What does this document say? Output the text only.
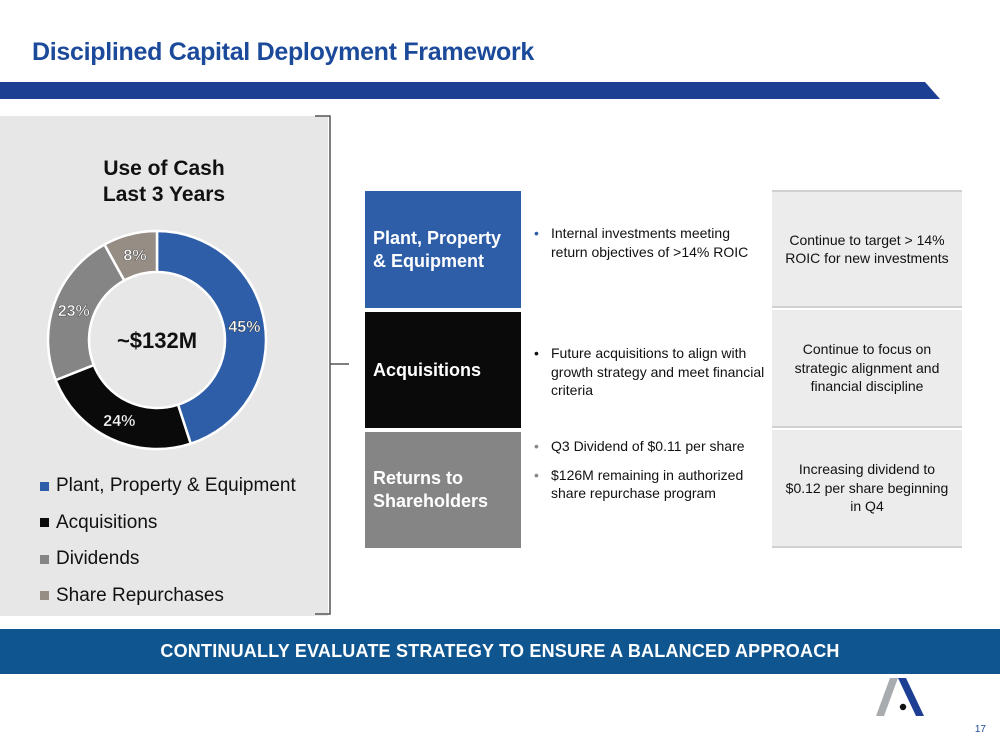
Disciplined Capital Deployment Framework
Use of Cash
Last 3 Years
45%
24%
23%
8%
~$132M
Plant, Property & Equipment
Acquisitions
Dividends
Share Repurchases
Plant, Property
& Equipment
• Internal investments meeting return objectives of >14% ROIC
Continue to target > 14% ROIC for new investments
Acquisitions
• Future acquisitions to align with growth strategy and meet financial criteria
Continue to focus on strategic alignment and financial discipline
Returns to
Shareholders
• Q3 Dividend of $0.11 per share
• $126M remaining in authorized share repurchase program
Increasing dividend to $0.12 per share beginning in Q4
CONTINUALLY EVALUATE STRATEGY TO ENSURE A BALANCED APPROACH
17
